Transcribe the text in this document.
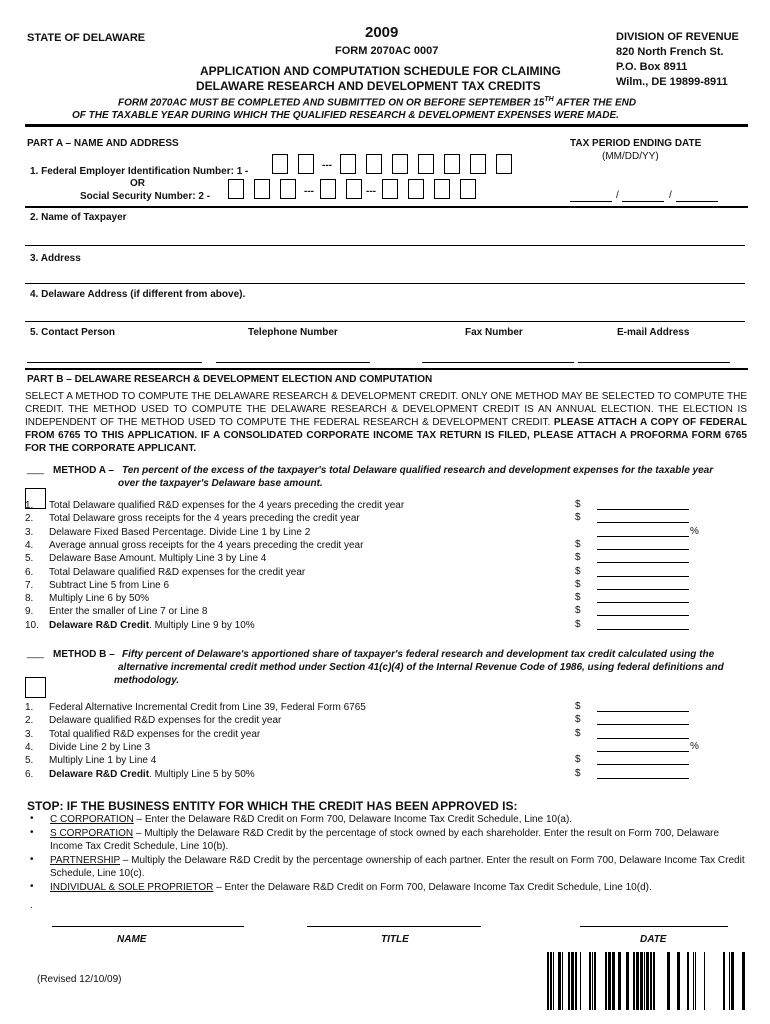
STATE OF DELAWARE	2009
FORM 2070AC 0007
APPLICATION AND COMPUTATION SCHEDULE FOR CLAIMING
DELAWARE RESEARCH AND DEVELOPMENT TAX CREDITS
DIVISION OF REVENUE
820 North French St.
P.O. Box 8911
Wilm., DE 19899-8911
FORM 2070AC MUST BE COMPLETED AND SUBMITTED ON OR BEFORE SEPTEMBER 15TH AFTER THE END
OF THE TAXABLE YEAR DURING WHICH THE QUALIFIED RESEARCH & DEVELOPMENT EXPENSES WERE MADE.
PART A – NAME AND ADDRESS	TAX PERIOD ENDING DATE
(MM/DD/YY)
1. Federal Employer Identification Number: 1 -
---
OR
Social Security Number: 2 -	---	---	/	/
2. Name of Taxpayer
3. Address
4. Delaware Address (if different from above).
5. Contact Person	Telephone Number	Fax Number	E-mail Address
PART B – DELAWARE RESEARCH & DEVELOPMENT ELECTION AND COMPUTATION
SELECT A METHOD TO COMPUTE THE DELAWARE RESEARCH & DEVELOPMENT CREDIT. ONLY ONE METHOD MAY BE SELECTED TO COMPUTE THE CREDIT. THE METHOD USED TO COMPUTE THE DELAWARE RESEARCH & DEVELOPMENT CREDIT IS AN ANNUAL ELECTION. THE ELECTION IS INDEPENDENT OF THE METHOD USED TO COMPUTE THE FEDERAL RESEARCH & DEVELOPMENT CREDIT. PLEASE ATTACH A COPY OF FEDERAL FROM 6765 TO THIS APPLICATION. IF A CONSOLIDATED CORPORATE INCOME TAX RETURN IS FILED, PLEASE ATTACH A PROFORMA FORM 6765 FOR THE CORPORATE APPLICANT.
___ METHOD A – Ten percent of the excess of the taxpayer's total Delaware qualified research and development expenses for the taxable year
over the taxpayer's Delaware base amount.
1. Total Delaware qualified R&D expenses for the 4 years preceding the credit year	$
2. Total Delaware gross receipts for the 4 years preceding the credit year	$
3. Delaware Fixed Based Percentage. Divide Line 1 by Line 2	%
4. Average annual gross receipts for the 4 years preceding the credit year	$
5. Delaware Base Amount. Multiply Line 3 by Line 4	$
6. Total Delaware qualified R&D expenses for the credit year	$
7. Subtract Line 5 from Line 6	$
8. Multiply Line 6 by 50%	$
9. Enter the smaller of Line 7 or Line 8	$
10. Delaware R&D Credit. Multiply Line 9 by 10%	$
___ METHOD B – Fifty percent of Delaware's apportioned share of taxpayer's federal research and development tax credit calculated using the
alternative incremental credit method under Section 41(c)(4) of the Internal Revenue Code of 1986, using federal definitions and
methodology.
1. Federal Alternative Incremental Credit from Line 39, Federal Form 6765	$
2. Delaware qualified R&D expenses for the credit year	$
3. Total qualified R&D expenses for the credit year	$
4. Divide Line 2 by Line 3	%
5. Multiply Line 1 by Line 4	$
6. Delaware R&D Credit. Multiply Line 5 by 50%	$
STOP: IF THE BUSINESS ENTITY FOR WHICH THE CREDIT HAS BEEN APPROVED IS:
• C CORPORATION – Enter the Delaware R&D Credit on Form 700, Delaware Income Tax Credit Schedule, Line 10(a).
• S CORPORATION – Multiply the Delaware R&D Credit by the percentage of stock owned by each shareholder. Enter the result on Form 700, Delaware Income Tax Credit Schedule, Line 10(b).
• PARTNERSHIP – Multiply the Delaware R&D Credit by the percentage ownership of each partner. Enter the result on Form 700, Delaware Income Tax Credit Schedule, Line 10(c).
• INDIVIDUAL & SOLE PROPRIETOR – Enter the Delaware R&D Credit on Form 700, Delaware Income Tax Credit Schedule, Line 10(d).
.
NAME	TITLE	DATE
(Revised 12/10/09)
